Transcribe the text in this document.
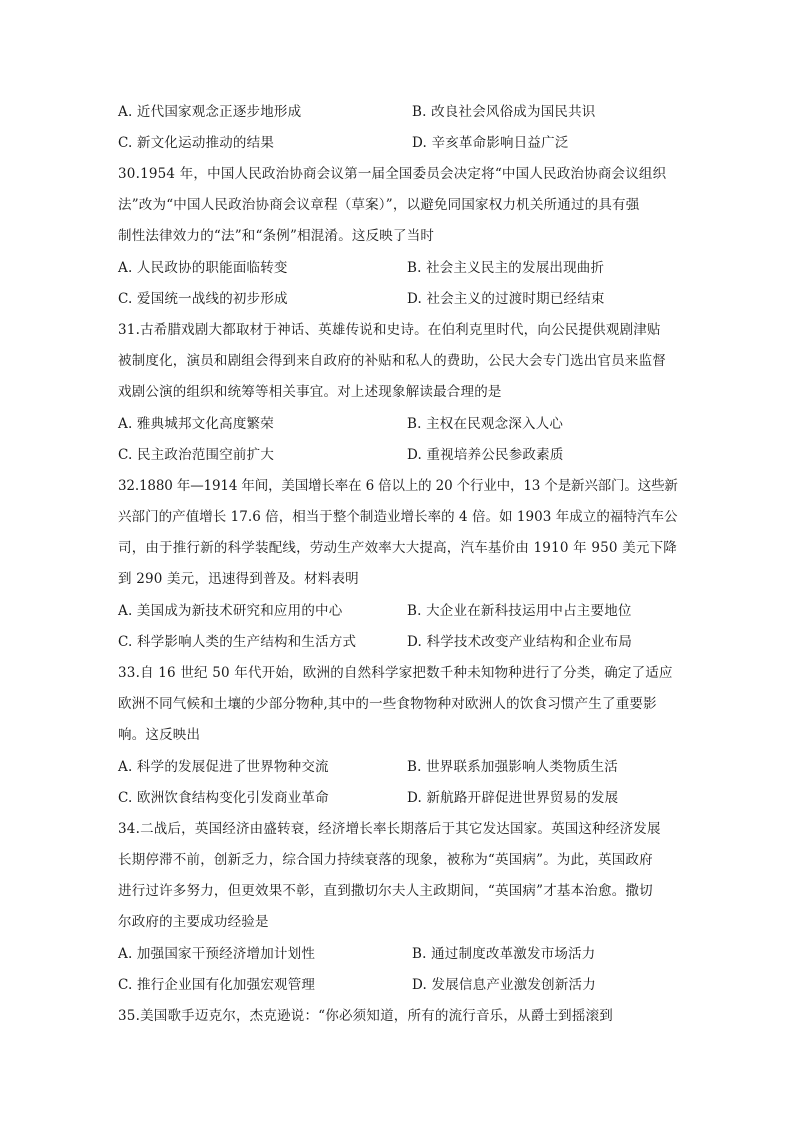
A. 近代国家观念正逐步地形成	B. 改良社会风俗成为国民共识
C. 新文化运动推动的结果	D. 辛亥革命影响日益广泛
30.1954 年，中国人民政治协商会议第一届全国委员会决定将“中国人民政治协商会议组织
法”改为“中国人民政治协商会议章程（草案）”，以避免同国家权力机关所通过的具有强
制性法律效力的“法”和“条例”相混淆。这反映了当时
A. 人民政协的职能面临转变	B. 社会主义民主的发展出现曲折
C. 爱国统一战线的初步形成	D. 社会主义的过渡时期已经结束
31.古希腊戏剧大都取材于神话、英雄传说和史诗。在伯利克里时代，向公民提供观剧津贴
被制度化，演员和剧组会得到来自政府的补贴和私人的费助，公民大会专门选出官员来监督
戏剧公演的组织和统筹等相关事宜。对上述现象解读最合理的是
A. 雅典城邦文化高度繁荣	B. 主权在民观念深入人心
C. 民主政治范围空前扩大	D. 重视培养公民参政素质
32.1880 年—1914 年间，美国增长率在 6 倍以上的 20 个行业中，13 个是新兴部门。这些新
兴部门的产值增长 17.6 倍，相当于整个制造业增长率的 4 倍。如 1903 年成立的福特汽车公
司，由于推行新的科学装配线，劳动生产效率大大提高，汽车基价由 1910 年 950 美元下降
到 290 美元，迅速得到普及。材料表明
A. 美国成为新技术研究和应用的中心	B. 大企业在新科技运用中占主要地位
C. 科学影响人类的生产结构和生活方式	D. 科学技术改变产业结构和企业布局
33.自 16 世纪 50 年代开始，欧洲的自然科学家把数千种未知物种进行了分类，确定了适应
欧洲不同气候和土壤的少部分物种,其中的一些食物物种对欧洲人的饮食习惯产生了重要影
响。这反映出
A. 科学的发展促进了世界物种交流	B. 世界联系加强影响人类物质生活
C. 欧洲饮食结构变化引发商业革命	D. 新航路开辟促进世界贸易的发展
34.二战后，英国经济由盛转衰，经济增长率长期落后于其它发达国家。英国这种经济发展
长期停滞不前，创新乏力，综合国力持续衰落的现象，被称为“英国病”。为此，英国政府
进行过许多努力，但更效果不彰，直到撒切尔夫人主政期间，“英国病”才基本治愈。撒切
尔政府的主要成功经验是
A. 加强国家干预经济增加计划性	B. 通过制度改革激发市场活力
C. 推行企业国有化加强宏观管理	D. 发展信息产业激发创新活力
35.美国歌手迈克尔，杰克逊说：“你必须知道，所有的流行音乐，从爵士到摇滚到
